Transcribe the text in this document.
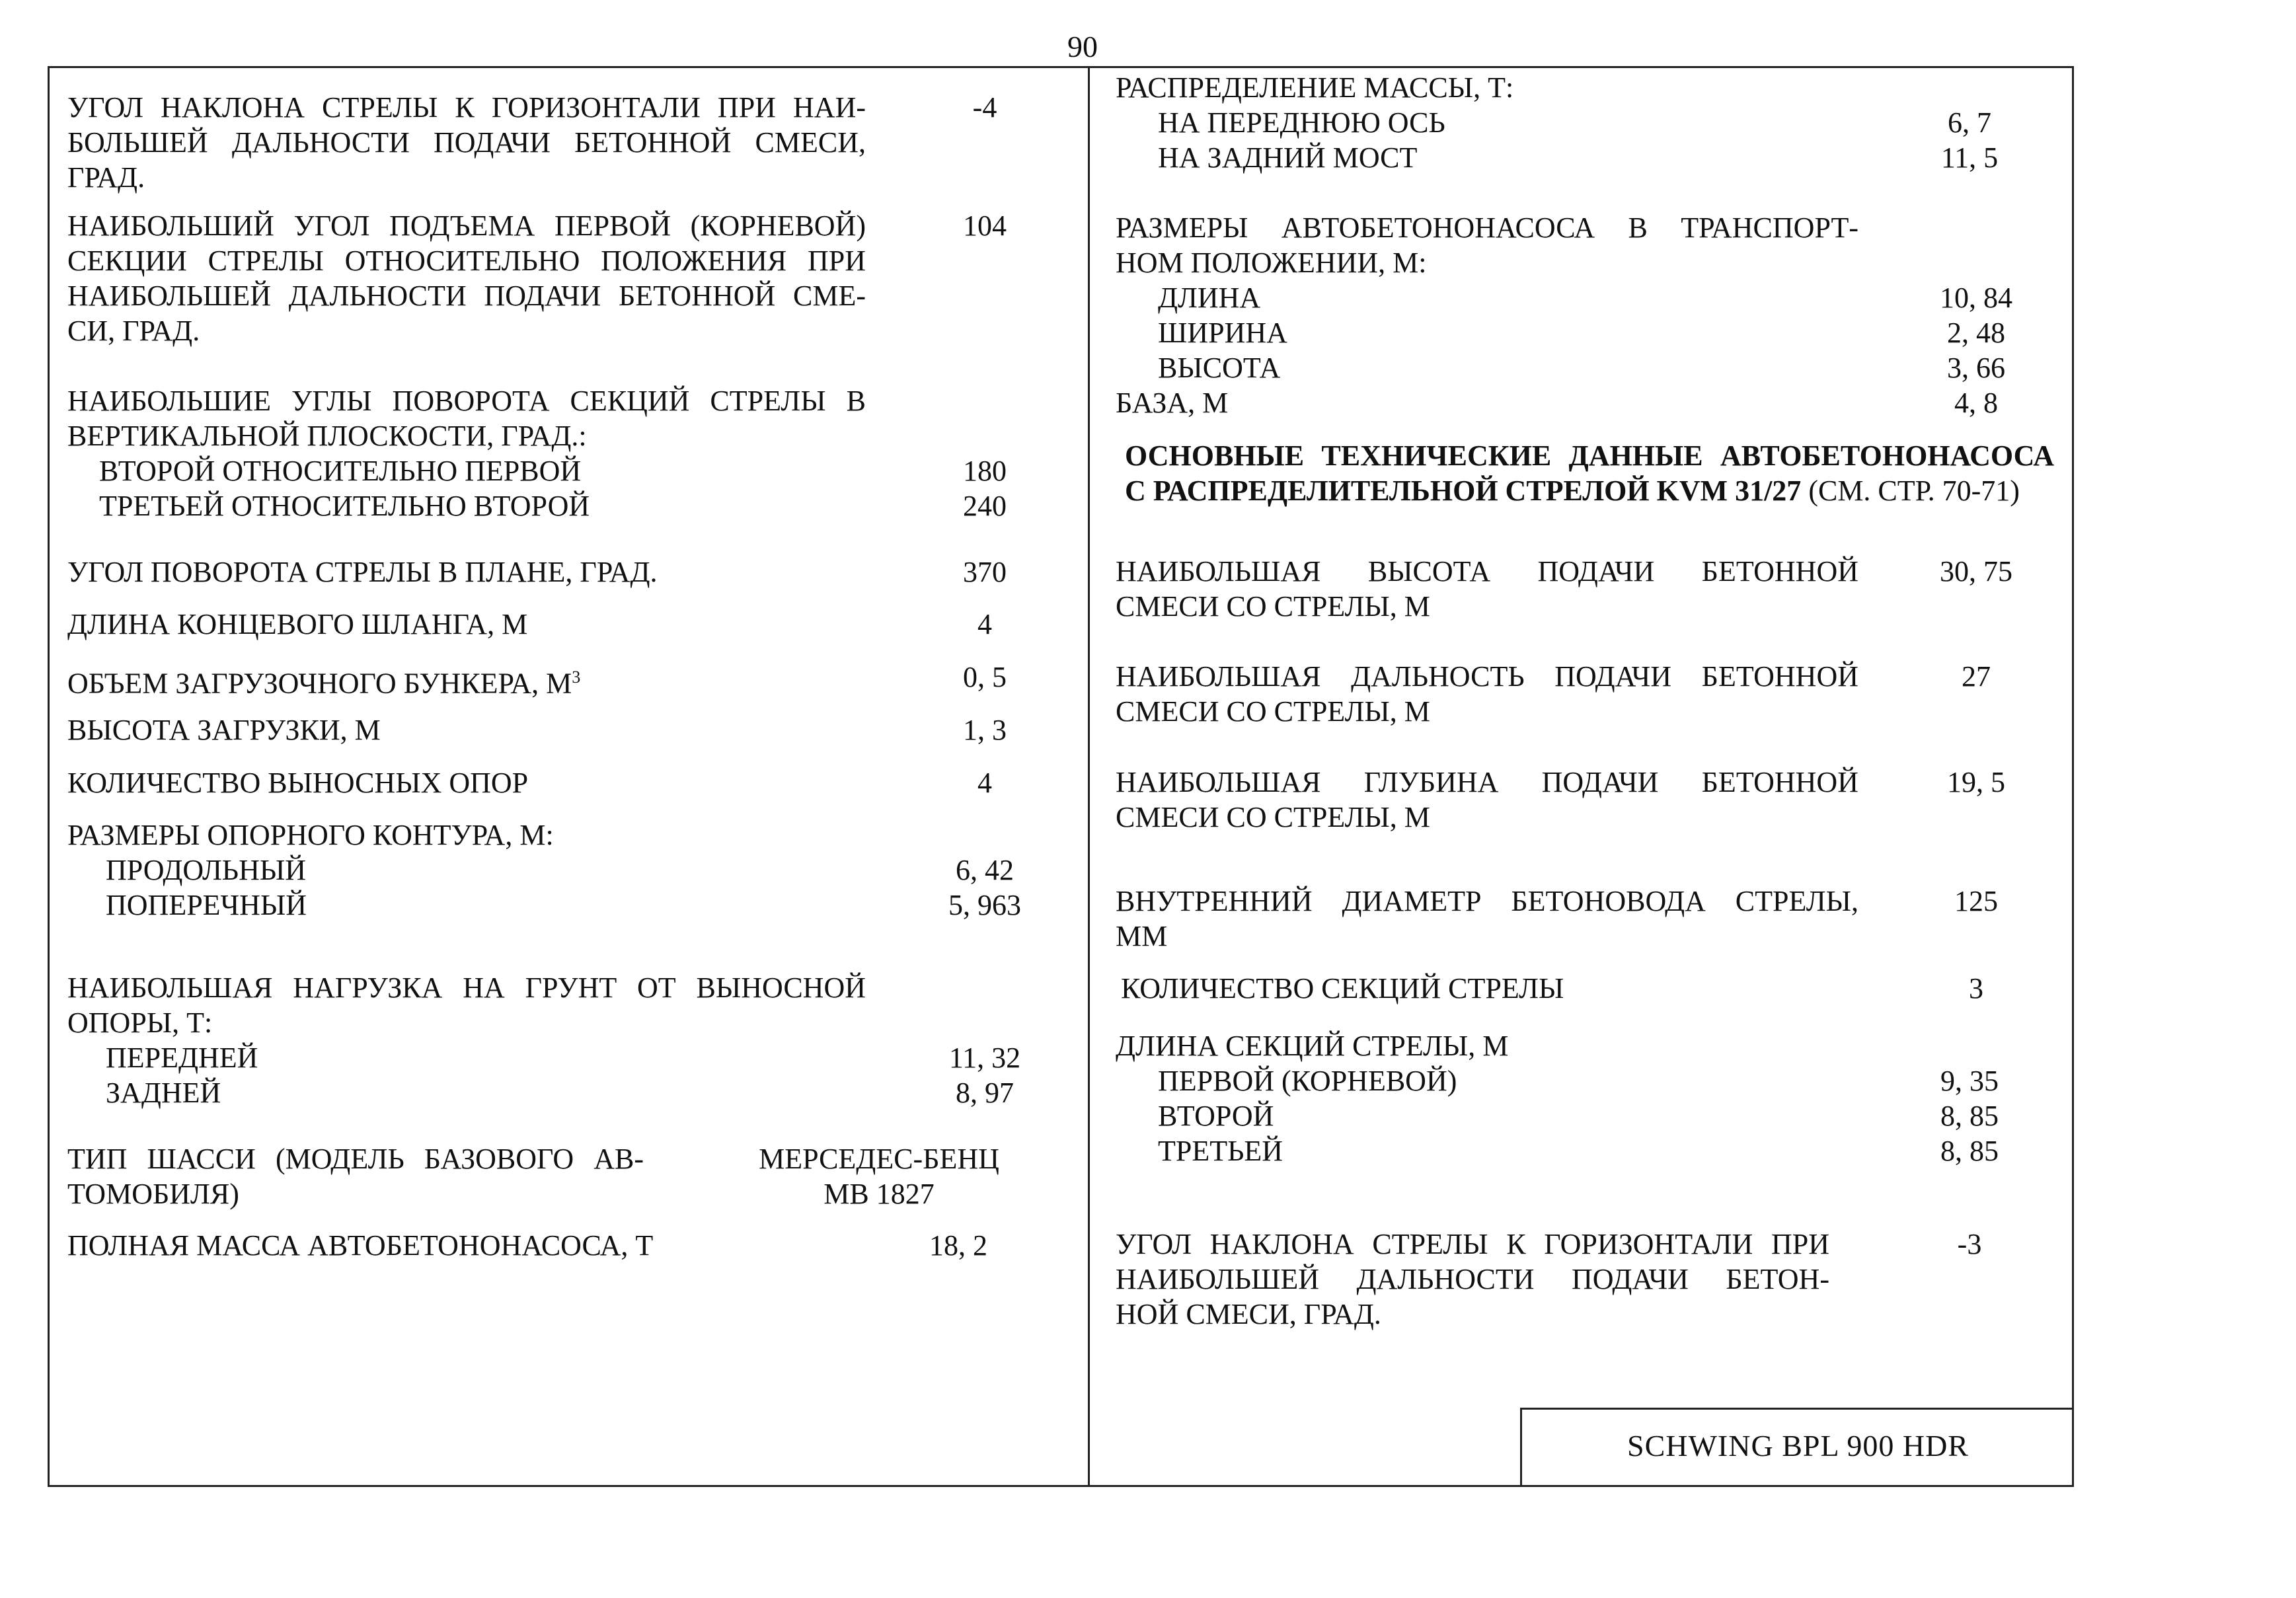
90
SCHWING BPL 900 HDR
УГОЛ НАКЛОНА СТРЕЛЫ К ГОРИЗОНТАЛИ ПРИ НАИ-
БОЛЬШЕЙ ДАЛЬНОСТИ ПОДАЧИ БЕТОННОЙ СМЕСИ,
ГРАД.
-4
НАИБОЛЬШИЙ УГОЛ ПОДЪЕМА ПЕРВОЙ (КОРНЕВОЙ)
СЕКЦИИ СТРЕЛЫ ОТНОСИТЕЛЬНО ПОЛОЖЕНИЯ ПРИ
НАИБОЛЬШЕЙ ДАЛЬНОСТИ ПОДАЧИ БЕТОННОЙ СМЕ-
СИ, ГРАД.
104
НАИБОЛЬШИЕ УГЛЫ ПОВОРОТА СЕКЦИЙ СТРЕЛЫ В
ВЕРТИКАЛЬНОЙ ПЛОСКОСТИ, ГРАД.:
ВТОРОЙ ОТНОСИТЕЛЬНО ПЕРВОЙ	180
ТРЕТЬЕЙ ОТНОСИТЕЛЬНО ВТОРОЙ	240
УГОЛ ПОВОРОТА СТРЕЛЫ В ПЛАНЕ, ГРАД.	370
ДЛИНА КОНЦЕВОГО ШЛАНГА, М	4
ОБЪЕМ ЗАГРУЗОЧНОГО БУНКЕРА, $М^3$	0, 5
ВЫСОТА ЗАГРУЗКИ, М	1, 3
КОЛИЧЕСТВО ВЫНОСНЫХ ОПОР	4
РАЗМЕРЫ ОПОРНОГО КОНТУРА, М:
ПРОДОЛЬНЫЙ	6, 42
ПОПЕРЕЧНЫЙ	5, 963
НАИБОЛЬШАЯ НАГРУЗКА НА ГРУНТ ОТ ВЫНОСНОЙ
ОПОРЫ, Т:
ПЕРЕДНЕЙ	11, 32
ЗАДНЕЙ	8, 97
ТИП ШАССИ (МОДЕЛЬ БАЗОВОГО АВ-
ТОМОБИЛЯ)
МЕРСЕДЕС-БЕНЦ
МВ 1827
ПОЛНАЯ МАССА АВТОБЕТОНОНАСОСА, Т	18, 2
РАСПРЕДЕЛЕНИЕ МАССЫ, Т:
НА ПЕРЕДНЮЮ ОСЬ	6, 7
НА ЗАДНИЙ МОСТ	11, 5
РАЗМЕРЫ АВТОБЕТОНОНАСОСА В ТРАНСПОРТ-
НОМ ПОЛОЖЕНИИ, М:
ДЛИНА	10, 84
ШИРИНА	2, 48
ВЫСОТА	3, 66
БАЗА, М	4, 8
ОСНОВНЫЕ ТЕХНИЧЕСКИЕ ДАННЫЕ АВТОБЕТОНОНАСОСА
С РАСПРЕДЕЛИТЕЛЬНОЙ СТРЕЛОЙ KVM 31/27 (СМ. СТР. 70-71)
НАИБОЛЬШАЯ ВЫСОТА ПОДАЧИ БЕТОННОЙ
СМЕСИ СО СТРЕЛЫ, М
30, 75
НАИБОЛЬШАЯ ДАЛЬНОСТЬ ПОДАЧИ БЕТОННОЙ
СМЕСИ СО СТРЕЛЫ, М
27
НАИБОЛЬШАЯ ГЛУБИНА ПОДАЧИ БЕТОННОЙ
СМЕСИ СО СТРЕЛЫ, М
19, 5
ВНУТРЕННИЙ ДИАМЕТР БЕТОНОВОДА СТРЕЛЫ,
ММ
125
КОЛИЧЕСТВО СЕКЦИЙ СТРЕЛЫ	3
ДЛИНА СЕКЦИЙ СТРЕЛЫ, М
ПЕРВОЙ (КОРНЕВОЙ)	9, 35
ВТОРОЙ	8, 85
ТРЕТЬЕЙ	8, 85
УГОЛ НАКЛОНА СТРЕЛЫ К ГОРИЗОНТАЛИ ПРИ
НАИБОЛЬШЕЙ ДАЛЬНОСТИ ПОДАЧИ БЕТОН-
НОЙ СМЕСИ, ГРАД.
-3
